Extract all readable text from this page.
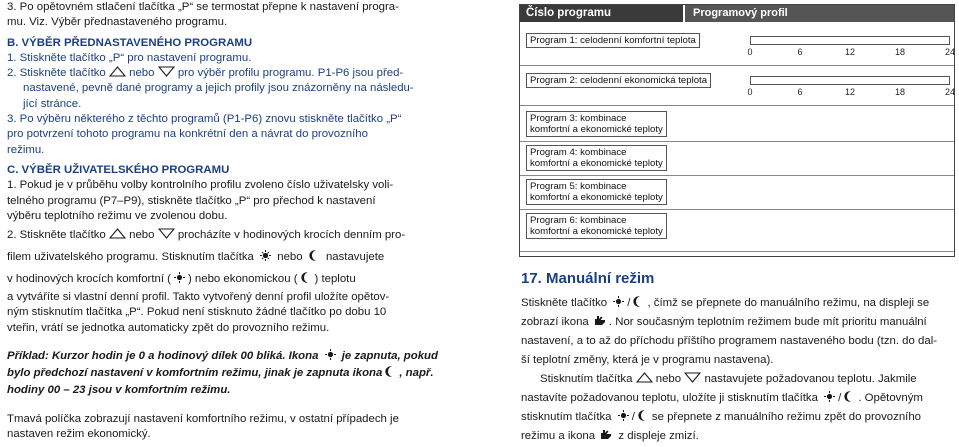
3. Po opětovném stlačení tlačítka „P“ se termostat přepne k nastavení progra-
mu. Viz. Výběr přednastaveného programu.

B. VÝBĚR PŘEDNASTAVENÉHO PROGRAMU

1. Stiskněte tlačítko „P“ pro nastavení programu.

2. Stiskněte tlačítko nebo pro výběr profilu programu. P1-P6 jsou před-
nastavené, pevně dané programy a jejich profily jsou znázorněny na následu-
jící stránce.

3. Po výběru některého z těchto programů (P1-P6) znovu stiskněte tlačítko „P“
pro potvrzení tohoto programu na konkrétní den a návrat do provozního
režimu.

C. VÝBĚR UŽIVATELSKÉHO PROGRAMU

1. Pokud je v průběhu volby kontrolního profilu zvoleno číslo uživatelsky voli-
telného programu (P7–P9), stiskněte tlačítko „P“ pro přechod k nastavení
výběru teplotního režimu ve zvolenou dobu.

2. Stiskněte tlačítko nebo procházíte v hodinových krocích denním pro-
filem uživatelského programu. Stisknutím tlačítka nebo nastavujete
v hodinových krocích komfortní ( ) nebo ekonomickou ( ) teplotu

a vytváříte si vlastní denní profil. Takto vytvořený denní profil uložíte opětov-
ným stisknutím tlačítka „P“. Pokud není stisknuto žádné tlačítko po dobu 10
vteřin, vrátí se jednotka automaticky zpět do provozního režimu.

Příklad: Kurzor hodin je 0 a hodinový dílek 00 bliká. Ikona je zapnuta, pokud
bylo předchozí nastavení v komfortním režimu, jinak je zapnuta ikona , např.
hodiny 00 – 23 jsou v komfortním režimu.

Tmavá políčka zobrazují nastavení komfortního režimu, v ostatní případech je
nastaven režim ekonomický.

Číslo programu	Programový profil
Program 1: celodenní komfortní teplota
0	6	12	18	24
Program 2: celodenní ekonomická teplota
0	6	12	18	24
Program 3: kombinace
komfortní a ekonomické teploty
Program 4: kombinace
komfortní a ekonomické teploty
Program 5: kombinace
komfortní a ekonomické teploty
Program 6: kombinace
komfortní a ekonomické teploty

17. Manuální režim

Stiskněte tlačítko / , čímž se přepnete do manuálního režimu, na displeji se
zobrazí ikona . Nor současným teplotním režimem bude mít prioritu manuální
nastavení, a to až do příchodu příštího programem nastaveného bodu (tzn. do dal-
ší teplotní změny, která je v programu nastavena).
Stisknutím tlačítka nebo nastavujete požadovanou teplotu. Jakmile
nastavíte požadovanou teplotu, uložíte ji stisknutím tlačítka / . Opětovným
stisknutím tlačítka / se přepnete z manuálního režimu zpět do provozního
režimu a ikona z displeje zmizí.
